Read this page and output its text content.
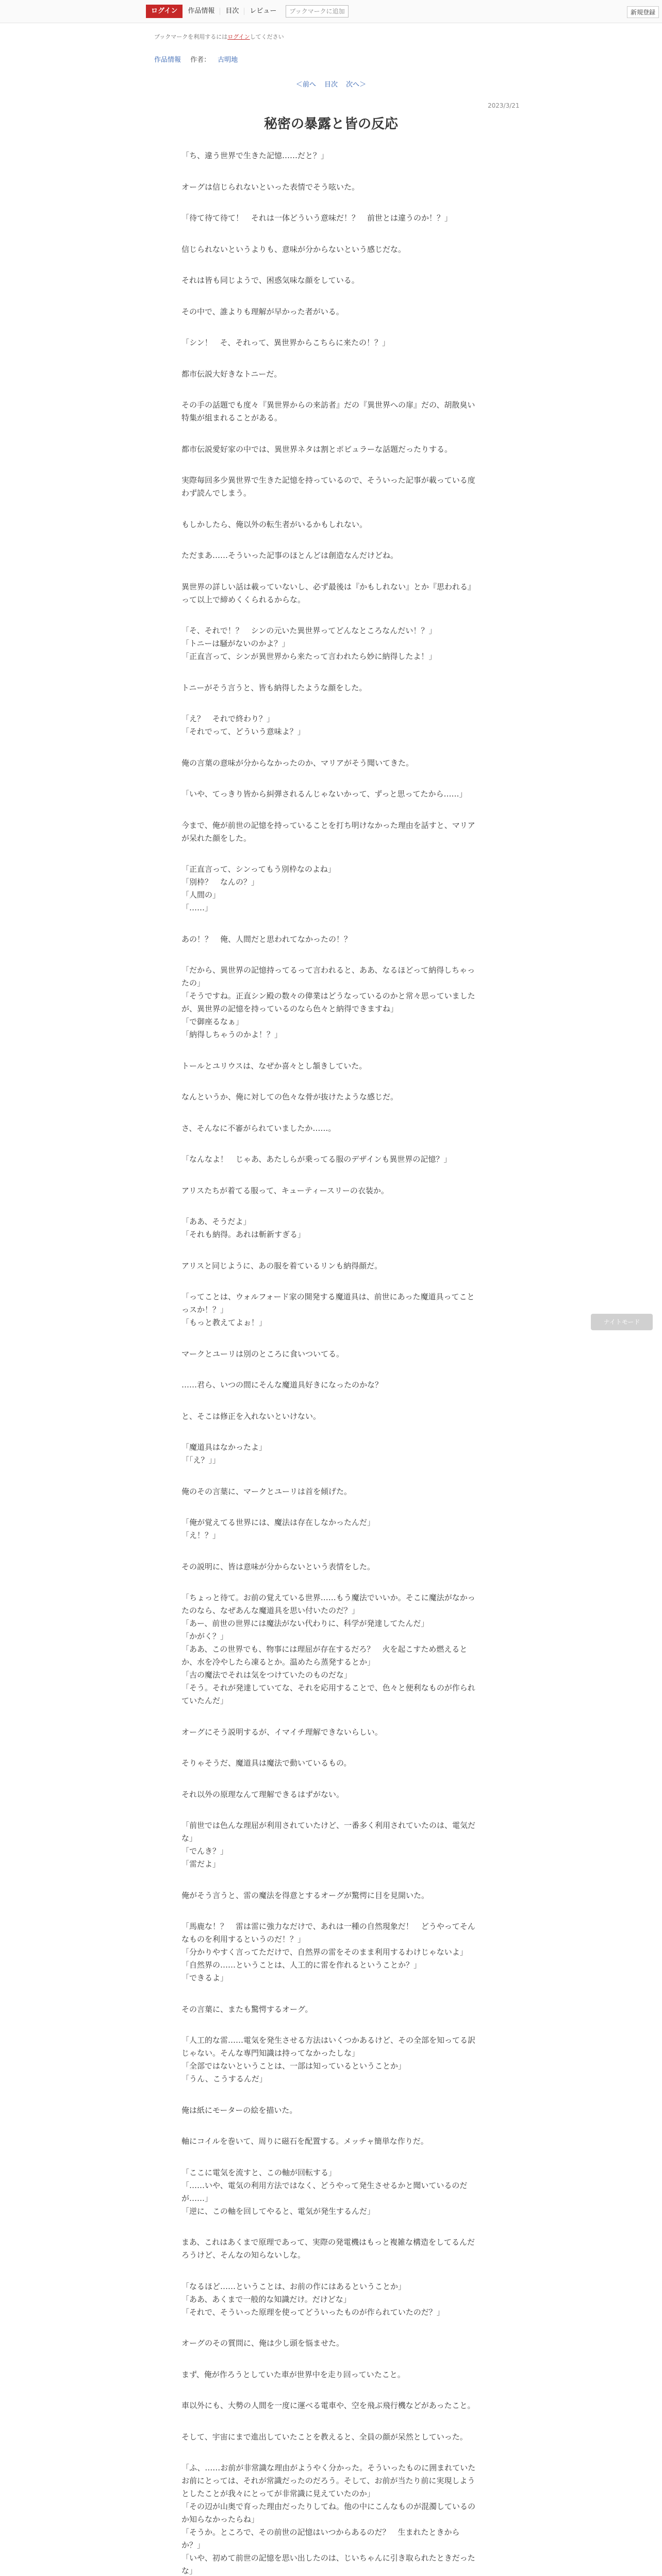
ログイン	作品情報	目次	レビュー	ブックマークに追加	新規登録
ブックマークを利用するにはログインしてください
作品情報 作者： 古明地
＜前へ 目次 次へ＞
2023/3/21
秘密の暴露と皆の反応

「ち、違う世界で生きた記憶……だと？」

オーグは信じられないといった表情でそう呟いた。

「待て待て待て！　それは一体どういう意味だ！？　前世とは違うのか！？」

信じられないというよりも、意味が分からないという感じだな。

それは皆も同じようで、困惑気味な顔をしている。

その中で、誰よりも理解が早かった者がいる。

「シン！　そ、それって、異世界からこちらに来たの！？」

都市伝説大好きなトニーだ。

その手の話題でも度々『異世界からの来訪者』だの『異世界への扉』だの、胡散臭い特集が組まれることがある。

都市伝説愛好家の中では、異世界ネタは割とポピュラーな話題だったりする。

実際毎回多少異世界で生きた記憶を持っているので、そういった記事が載っている度わず読んでしまう。

もしかしたら、俺以外の転生者がいるかもしれない。

ただまあ……そういった記事のほとんどは創造なんだけどね。

異世界の詳しい話は載っていないし、必ず最後は『かもしれない』とか『思われる』って以上で締めくくられるからな。

「そ、それで！？　シンの元いた異世界ってどんなところなんだい！？」
「トニーは騒がないのかよ？」
「正直言って、シンが異世界から来たって言われたら妙に納得したよ！」

トニーがそう言うと、皆も納得したような顔をした。

「え？　それで終わり？」
「それでって、どういう意味よ？」

俺の言葉の意味が分からなかったのか、マリアがそう聞いてきた。

「いや、てっきり皆から糾弾されるんじゃないかって、ずっと思ってたから……」

今まで、俺が前世の記憶を持っていることを打ち明けなかった理由を話すと、マリアが呆れた顔をした。

「正直言って、シンってもう別枠なのよね」
「別枠？　なんの？」
「人間の」
「……」

あの！？　俺、人間だと思われてなかったの！？

「だから、異世界の記憶持ってるって言われると、ああ、なるほどって納得しちゃったの」
「そうですね。正直シン殿の数々の偉業はどうなっているのかと常々思っていましたが、異世界の記憶を持っているのなら色々と納得できますね」
「で御座るなぁ」
「納得しちゃうのかよ！？」

トールとユリウスは、なぜか喜々とし頷きしていた。

なんというか、俺に対しての色々な骨が抜けたような感じだ。

さ、そんなに不審がられていましたか……。

「なんなよ！　じゃあ、あたしらが乗ってる服のデザインも異世界の記憶？」

アリスたちが着てる服って、キューティースリーの衣装か。

「ああ、そうだよ」
「それも納得。あれは斬新すぎる」

アリスと同じように、あの服を着ているリンも納得顔だ。

「ってことは、ウォルフォード家の開発する魔道具は、前世にあった魔道具ってことっスか！？」
「もっと教えてよぉ！」

マークとユーリは別のところに食いついてる。

……君ら、いつの間にそんな魔道具好きになったのかな？

と、そこは修正を入れないといけない。

「魔道具はなかったよ」
「「え？」」

俺のその言葉に、マークとユーリは首を傾げた。

「俺が覚えてる世界には、魔法は存在しなかったんだ」
「え！？」

その説明に、皆は意味が分からないという表情をした。

「ちょっと待て。お前の覚えている世界……もう魔法でいいか。そこに魔法がなかったのなら、なぜあんな魔道具を思い付いたのだ？」
「あー、前世の世界には魔法がない代わりに、科学が発達してたんだ」
「かがく？」
「ああ、この世界でも、物事には理屈が存在するだろ？　火を起こすため燃えるとか、水を冷やしたら凍るとか。温めたら蒸発するとか」
「古の魔法でそれは気をつけていたのものだな」
「そう。それが発達していてな、それを応用することで、色々と便利なものが作られていたんだ」

オーグにそう説明するが、イマイチ理解できないらしい。

そりゃそうだ、魔道具は魔法で動いているもの。

それ以外の原理なんて理解できるはずがない。

「前世では色んな理屈が利用されていたけど、一番多く利用されていたのは、電気だな」
「でんき？」
「雷だよ」

俺がそう言うと、雷の魔法を得意とするオーグが驚愕に目を見開いた。

「馬鹿な！？　雷は雷に強力なだけで、あれは一種の自然現象だ！　どうやってそんなものを利用するというのだ！？」
「分かりやすく言ってただけで、自然界の雷をそのまま利用するわけじゃないよ」
「自然界の……ということは、人工的に雷を作れるということか？」
「できるよ」

その言葉に、またも驚愕するオーグ。

「人工的な雷……電気を発生させる方法はいくつかあるけど、その全部を知ってる訳じゃない。そんな専門知識は持ってなかったしな」
「全部ではないということは、一部は知っているということか」
「うん、こうするんだ」

俺は紙にモーターの絵を描いた。

軸にコイルを巻いて、周りに磁石を配置する。メッチャ簡単な作りだ。

「ここに電気を流すと、この軸が回転する」
「……いや、電気の利用方法ではなく、どうやって発生させるかと聞いているのだが……」
「逆に、この軸を回してやると、電気が発生するんだ」

まあ、これはあくまで原理であって、実際の発電機はもっと複雑な構造をしてるんだろうけど、そんなの知らないしな。

「なるほど……ということは、お前の作にはあるということか」
「ああ、あくまで一般的な知識だけ。だけどな」
「それで、そういった原理を使ってどういったものが作られていたのだ？」

オーグのその質問に、俺は少し頭を悩ませた。

まず、俺が作ろうとしていた車が世界中を走り回っていたこと。

車以外にも、大勢の人間を一度に運べる電車や、空を飛ぶ飛行機などがあったこと。

そして、宇宙にまで進出していたことを教えると、全員の顔が呆然としていった。

「ふ、……お前が非常識な理由がようやく分かった。そういったものに囲まれていたお前にとっては、それが常識だったのだろう。そして、お前が当たり前に実現しようとしたことが我々にとってが非常識に見えていたのか」
「その辺が山奥で育った理由だったりしてね。他の中にこんなものが混濁しているのか知らなかったらね」
「そうか。ところで、その前世の記憶はいつからあるのだ？　生まれたときからか？」
「いや、初めて前世の記憶を思い出したのは、じいちゃんに引き取られたときだったな」

ナイトモード
